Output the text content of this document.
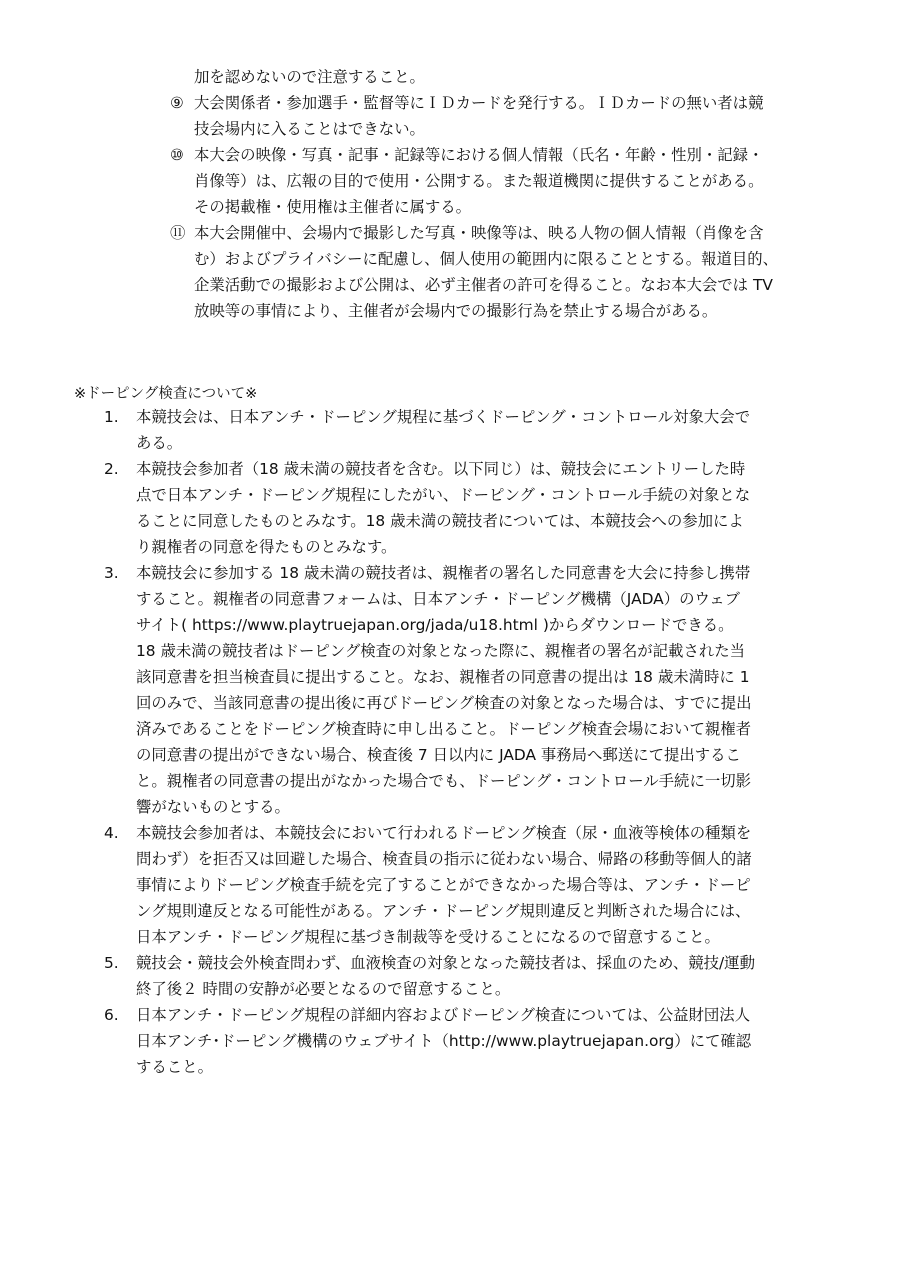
加を認めないので注意すること。
⑨ 大会関係者・参加選手・監督等にＩＤカードを発行する。ＩＤカードの無い者は競
技会場内に入ることはできない。
⑩ 本大会の映像・写真・記事・記録等における個人情報（氏名・年齢・性別・記録・
肖像等）は、広報の目的で使用・公開する。また報道機関に提供することがある。
その掲載権・使用権は主催者に属する。
⑪ 本大会開催中、会場内で撮影した写真・映像等は、映る人物の個人情報（肖像を含
む）およびプライバシーに配慮し、個人使用の範囲内に限ることとする。報道目的、
企業活動での撮影および公開は、必ず主催者の許可を得ること。なお本大会では TV
放映等の事情により、主催者が会場内での撮影行為を禁止する場合がある。
※ドーピング検査について※
1.	本競技会は、日本アンチ・ドーピング規程に基づくドーピング・コントロール対象大会で
ある。
2.	本競技会参加者（18 歳未満の競技者を含む。以下同じ）は、競技会にエントリーした時
点で日本アンチ・ドーピング規程にしたがい、ドーピング・コントロール手続の対象とな
ることに同意したものとみなす。18 歳未満の競技者については、本競技会への参加によ
り親権者の同意を得たものとみなす。
3.	本競技会に参加する 18 歳未満の競技者は、親権者の署名した同意書を大会に持参し携帯
すること。親権者の同意書フォームは、日本アンチ・ドーピング機構（JADA）のウェブ
サイト( https://www.playtruejapan.org/jada/u18.html )からダウンロードできる。
18 歳未満の競技者はドーピング検査の対象となった際に、親権者の署名が記載された当
該同意書を担当検査員に提出すること。なお、親権者の同意書の提出は 18 歳未満時に 1
回のみで、当該同意書の提出後に再びドーピング検査の対象となった場合は、すでに提出
済みであることをドーピング検査時に申し出ること。ドーピング検査会場において親権者
の同意書の提出ができない場合、検査後 7 日以内に JADA 事務局へ郵送にて提出するこ
と。親権者の同意書の提出がなかった場合でも、ドーピング・コントロール手続に一切影
響がないものとする。
4.	本競技会参加者は、本競技会において行われるドーピング検査（尿・血液等検体の種類を
問わず）を拒否又は回避した場合、検査員の指示に従わない場合、帰路の移動等個人的諸
事情によりドーピング検査手続を完了することができなかった場合等は、アンチ・ドーピ
ング規則違反となる可能性がある。アンチ・ドーピング規則違反と判断された場合には、
日本アンチ・ドーピング規程に基づき制裁等を受けることになるので留意すること。
5.	競技会・競技会外検査問わず、血液検査の対象となった競技者は、採血のため、競技/運動
終了後２ 時間の安静が必要となるので留意すること。
6.	日本アンチ・ドーピング規程の詳細内容およびドーピング検査については、公益財団法人
日本アンチ･ドーピング機構のウェブサイト（http://www.playtruejapan.org）にて確認
すること。
